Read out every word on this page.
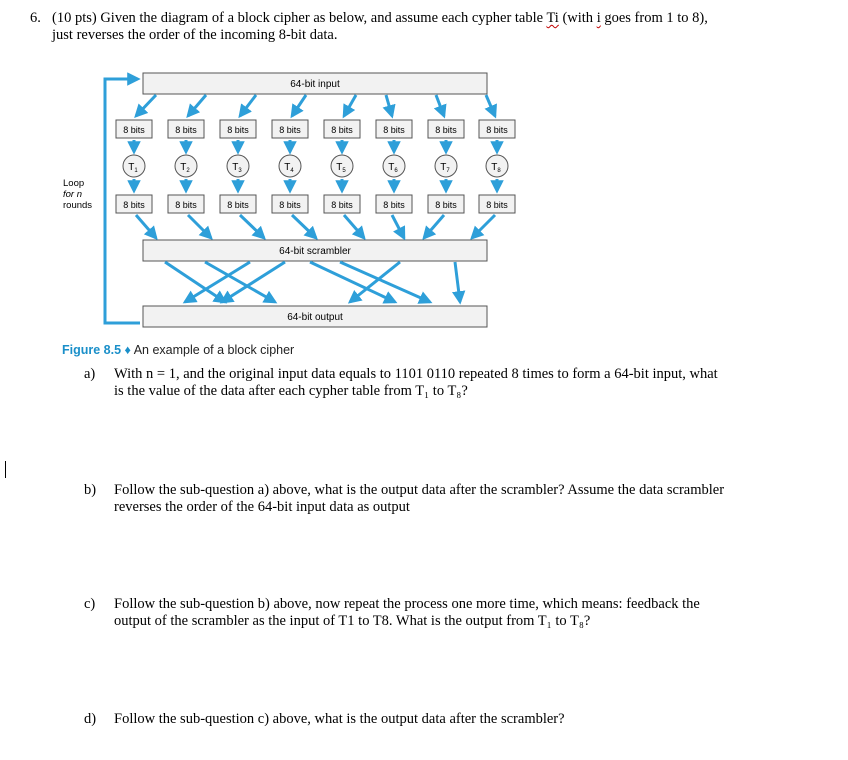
6. (10 pts) Given the diagram of a block cipher as below, and assume each cypher table Ti (with i goes from 1 to 8),
just reverses the order of the incoming 8-bit data.
64-bit input
64-bit scrambler
64-bit output
Loop
for n
rounds
8 bits
$T_1$
8 bits
8 bits
$T_2$
8 bits
8 bits
$T_3$
8 bits
8 bits
$T_4$
8 bits
8 bits
$T_5$
8 bits
8 bits
$T_6$
8 bits
8 bits
$T_7$
8 bits
8 bits
$T_8$
8 bits
Figure 8.5 ♦ An example of a block cipher
a) With n = 1, and the original input data equals to 1101 0110 repeated 8 times to form a 64-bit input, what
is the value of the data after each cypher table from T₁ to T₈?
b) Follow the sub-question a) above, what is the output data after the scrambler? Assume the data scrambler
reverses the order of the 64-bit input data as output
c) Follow the sub-question b) above, now repeat the process one more time, which means: feedback the
output of the scrambler as the input of T1 to T8. What is the output from T₁ to T₈?
d) Follow the sub-question c) above, what is the output data after the scrambler?
